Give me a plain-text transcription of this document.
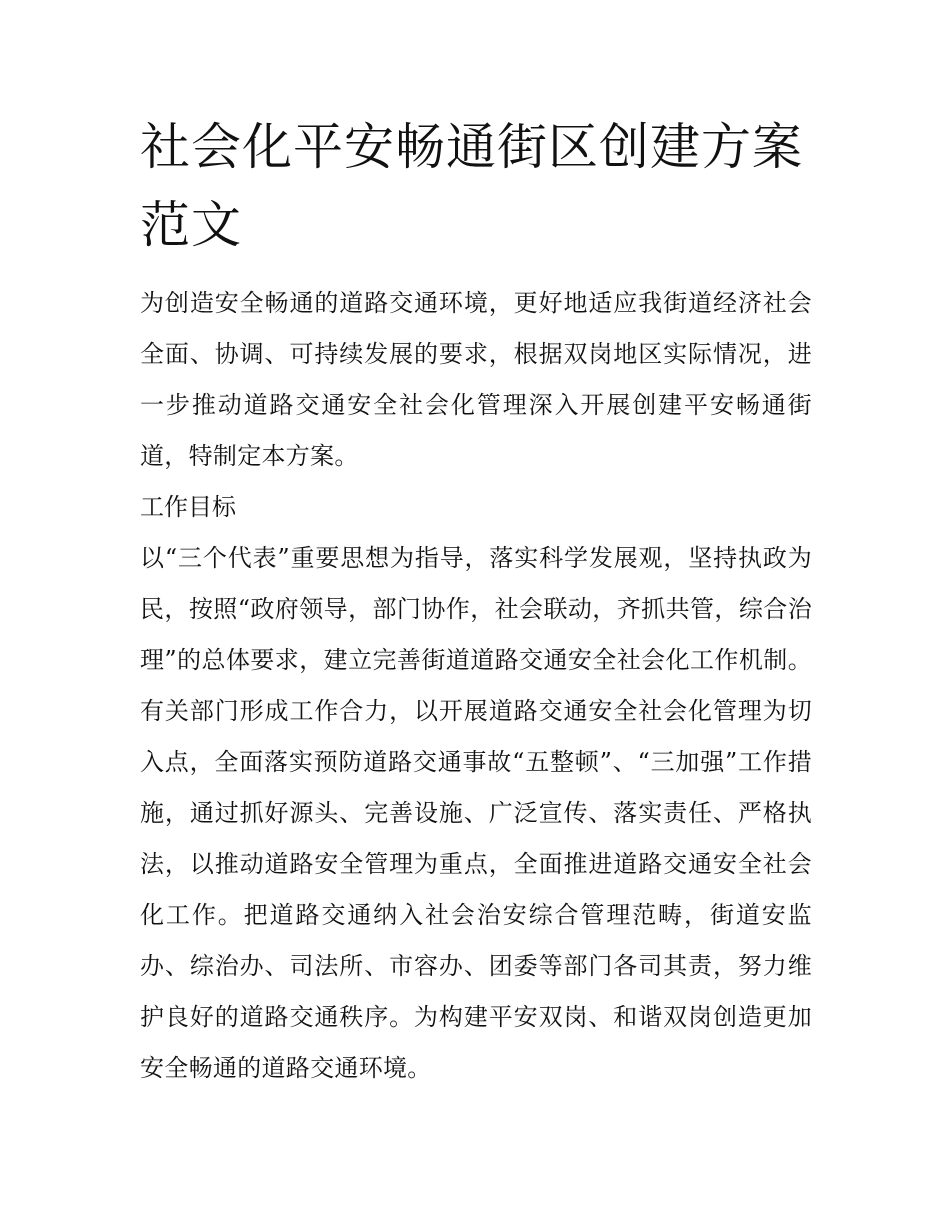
社会化平安畅通街区创建方案范文

为创造安全畅通的道路交通环境，更好地适应我街道经济社会全面、协调、可持续发展的要求，根据双岗地区实际情况，进一步推动道路交通安全社会化管理深入开展创建平安畅通街道，特制定本方案。

工作目标

以“三个代表”重要思想为指导，落实科学发展观，坚持执政为民，按照“政府领导，部门协作，社会联动，齐抓共管，综合治理”的总体要求，建立完善街道道路交通安全社会化工作机制。有关部门形成工作合力，以开展道路交通安全社会化管理为切入点，全面落实预防道路交通事故“五整顿”、“三加强”工作措施，通过抓好源头、完善设施、广泛宣传、落实责任、严格执法，以推动道路安全管理为重点，全面推进道路交通安全社会化工作。把道路交通纳入社会治安综合管理范畴，街道安监办、综治办、司法所、市容办、团委等部门各司其责，努力维护良好的道路交通秩序。为构建平安双岗、和谐双岗创造更加安全畅通的道路交通环境。
